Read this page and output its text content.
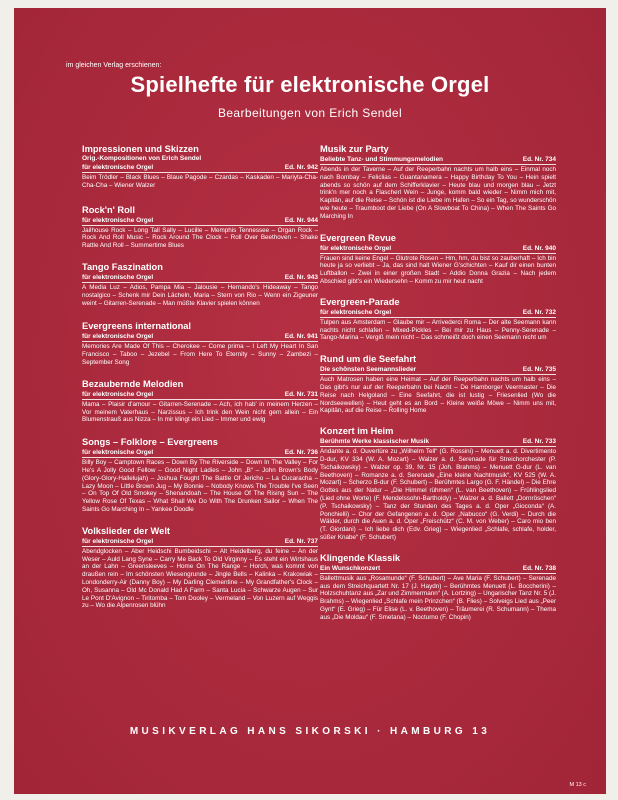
im gleichen Verlag erschienen:
Spielhefte für elektronische Orgel
Bearbeitungen von Erich Sendel
Impressionen und Skizzen
Orig.-Kompositionen von Erich Sendel
für elektronische Orgel	Ed. Nr. 942
Beim Trödler – Black Blues – Blaue Pagode – Czardas – Kaskaden – Mariyta-Cha-Cha-Cha – Wiener Walzer
Rock'n' Roll
für elektronische Orgel	Ed. Nr. 944
Jailhouse Rock – Long Tall Sally – Lucille – Memphis Tennessee – Organ Rock – Rock And Roll Music – Rock Around The Clock – Roll Over Beethoven – Shake Rattle And Roll – Summertime Blues
Tango Faszination
für elektronische Orgel	Ed. Nr. 943
A Media Luz – Adios, Pampa Mia – Jalousie – Hernando's Hideaway – Tango nostalgico – Schenk mir Dein Lächeln, Maria – Stern von Rio – Wenn ein Zigeuner weint – Gitarren-Serenade – Man müßte Klavier spielen können
Evergreens international
für elektronische Orgel	Ed. Nr. 941
Memories Are Made Of This – Cherokee – Come prima – I Left My Heart In San Francisco – Taboo – Jezebel – From Here To Eternity – Sunny – Zambezi – September Song
Bezaubernde Melodien
für elektronische Orgel	Ed. Nr. 731
Mama – Plaisir d'amour – Gitarren-Serenade – Ach, ich hab' in meinem Herzen – Vor meinem Vaterhaus – Narzissus – Ich trink den Wein nicht gern allein – Ein Blumenstrauß aus Nizza – In mir klingt ein Lied – Immer und ewig
Songs – Folklore – Evergreens
für elektronische Orgel	Ed. Nr. 736
Billy Boy – Camptown Races – Down By The Riverside – Down In The Valley – For He's A Jolly Good Fellow – Good Night Ladies – John „B“ – John Brown's Body (Glory-Glory-Hallelujah) – Joshua Fought The Battle Of Jericho – La Cucaracha – Lazy Moon – Little Brown Jug – My Bonnie – Nobody Knows The Trouble I've Seen – On Top Of Old Smokey – Shenandoah – The House Of The Rising Sun – The Yellow Rose Of Texas – What Shall We Do With The Drunken Sailor – When The Saints Go Marching In – Yankee Doodle
Volkslieder der Welt
für elektronische Orgel	Ed. Nr. 737
Abendglocken – Aber Heidschi Bumbeidschi – Alt Heidelberg, du feine – An der Weser – Auld Lang Syne – Carry Me Back To Old Virginny – Es steht ein Wirtshaus an der Lahn – Greensleeves – Home On The Range – Horch, was kommt von draußen rein – Im schönsten Wiesengrunde – Jingle Bells – Kalinka – Krakowiak – Londonderry-Air (Danny Boy) – My Darling Clementine – My Grandfather's Clock – Oh, Susanna – Old Mc Donald Had A Farm – Santa Lucia – Schwarze Augen – Sur Le Pont D'Avignon – Tiritomba – Tom Dooley – Vermeland – Von Luzern auf Weggis zu – Wo die Alpenrosen blühn
Musik zur Party
Beliebte Tanz- und Stimmungsmelodien	Ed. Nr. 734
Abends in der Taverne – Auf der Reeperbahn nachts um halb eins – Einmal noch nach Bombay – Feliclias – Guantanamera – Happy Birthday To You – Hein spielt abends so schön auf dem Schifferklavier – Heute blau und morgen blau – Jetzt trink'n mer noch a Flascherl Wein – Junge, komm bald wieder – Nimm mich mit, Kapitän, auf die Reise – Schön ist die Liebe im Hafen – So ein Tag, so wunderschön wie heute – Traumboot der Liebe (On A Slowboat To China) – When The Saints Go Marching In
Evergreen Revue
für elektronische Orgel	Ed. Nr. 940
Frauen sind keine Engel – Glutrote Rosen – Hm, hm, du bist so zauberhaft – Ich bin heute ja so verliebt – Ja, das sind halt Wiener G'schichten – Kauf dir einen bunten Luftballon – Zwei in einer großen Stadt – Addio Donna Grazia – Nach jedem Abschied gibt's ein Wiedersehn – Komm zu mir heut nacht
Evergreen-Parade
für elektronische Orgel	Ed. Nr. 732
Tulpen aus Amsterdam – Glaube mir – Arrivederci Roma – Der alte Seemann kann nachts nicht schlafen – Mixed-Pickles – Bei mir zu Haus – Penny-Serenade – Tango-Marina – Vergiß mein nicht – Das schmeißt doch einen Seemann nicht um
Rund um die Seefahrt
Die schönsten Seemannslieder	Ed. Nr. 735
Auch Matrosen haben eine Heimat – Auf der Reeperbahn nachts um halb eins – Das gibt's nur auf der Reeperbahn bei Nacht – De Hamborger Veermaster – Die Reise nach Helgoland – Eine Seefahrt, die ist lustig – Friesenlied (Wo die Nordseewellen) – Heut geht es an Bord – Kleine weiße Möwe – Nimm uns mit, Kapitän, auf die Reise – Rolling Home
Konzert im Heim
Berühmte Werke klassischer Musik	Ed. Nr. 733
Andante a. d. Ouvertüre zu „Wilhelm Tell“ (G. Rossini) – Menuett a. d. Divertimento D-dur, KV 334 (W. A. Mozart) – Walzer a. d. Serenade für Streichorchester (P. Tschaikowsky) – Walzer op. 39, Nr. 15 (Joh. Brahms) – Menuett G-dur (L. van Beethoven) – Romanze a. d. Serenade „Eine kleine Nachtmusik“, KV 525 (W. A. Mozart) – Scherzo B-dur (F. Schubert) – Berühmtes Largo (G. F. Händel) – Die Ehre Gottes aus der Natur – „Die Himmel rühmen“ (L. van Beethoven) – Frühlingslied (Lied ohne Worte) (F. Mendelssohn-Bartholdy) – Walzer a. d. Ballett „Dornröschen“ (P. Tschaikowsky) – Tanz der Stunden des Tages a. d. Oper „Gioconda“ (A. Ponchielli) – Chor der Gefangenen a. d. Oper „Nabucco“ (G. Verdi) – Durch die Wälder, durch die Auen a. d. Oper „Freischütz“ (C. M. von Weber) – Caro mio ben (T. Giordani) – Ich liebe dich (Edv. Grieg) – Wiegenlied „Schlafe, schlafe, holder, süßer Knabe“ (F. Schubert)
Klingende Klassik
Ein Wunschkonzert	Ed. Nr. 738
Ballettmusik aus „Rosamunde“ (F. Schubert) – Ave Maria (F. Schubert) – Serenade aus dem Streichquartett Nr. 17 (J. Haydn) – Berühmtes Menuett (L. Boccherini) – Holzschuhtanz aus „Zar und Zimmermann“ (A. Lortzing) – Ungarischer Tanz Nr. 5 (J. Brahms) – Wiegenlied „Schlafe mein Prinzchen“ (B. Flies) – Solveigs Lied aus „Peer Gynt“ (E. Grieg) – Für Elise (L. v. Beethoven) – Träumerei (R. Schumann) – Thema aus „Die Moldau“ (F. Smetana) – Nocturno (F. Chopin)
MUSIKVERLAG HANS SIKORSKI · HAMBURG 13
M 13 c
